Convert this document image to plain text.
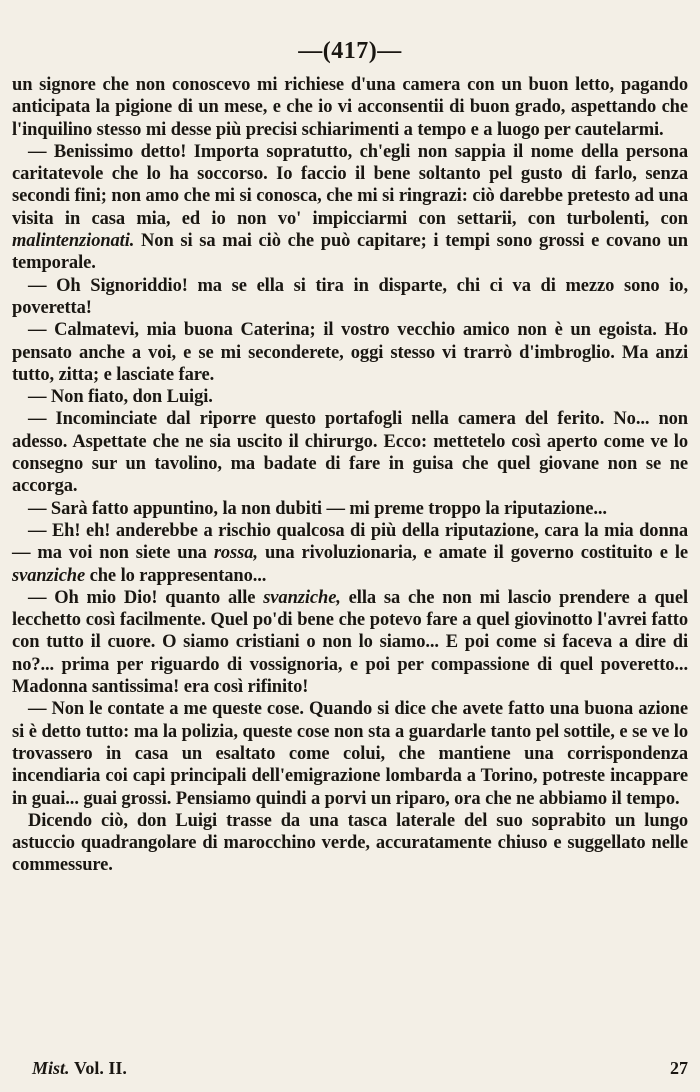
—(417)—

un signore che non conoscevo mi richiese d'una camera con un buon letto, pagando anticipata la pigione di un mese, e che io vi acconsentii di buon grado, aspettando che l'inquilino stesso mi desse più precisi schiarimenti a tempo e a luogo per cautelarmi.

— Benissimo detto! Importa sopratutto, ch'egli non sappia il nome della persona caritatevole che lo ha soccorso. Io faccio il bene soltanto pel gusto di farlo, senza secondi fini; non amo che mi si conosca, che mi si ringrazi: ciò darebbe pretesto ad una visita in casa mia, ed io non vo' impicciarmi con settarii, con turbolenti, con malintenzionati. Non si sa mai ciò che può capitare; i tempi sono grossi e covano un temporale.

— Oh Signoriddio! ma se ella si tira in disparte, chi ci va di mezzo sono io, poveretta!

— Calmatevi, mia buona Caterina; il vostro vecchio amico non è un egoista. Ho pensato anche a voi, e se mi seconderete, oggi stesso vi trarrò d'imbroglio. Ma anzi tutto, zitta; e lasciate fare.

— Non fiato, don Luigi.

— Incominciate dal riporre questo portafogli nella camera del ferito. No... non adesso. Aspettate che ne sia uscito il chirurgo. Ecco: mettetelo così aperto come ve lo consegno sur un tavolino, ma badate di fare in guisa che quel giovane non se ne accorga.

— Sarà fatto appuntino, la non dubiti — mi preme troppo la riputazione...

— Eh! eh! anderebbe a rischio qualcosa di più della riputazione, cara la mia donna — ma voi non siete una rossa, una rivoluzionaria, e amate il governo costituito e le svanziche che lo rappresentano...

— Oh mio Dio! quanto alle svanziche, ella sa che non mi lascio prendere a quel lecchetto così facilmente. Quel po'di bene che potevo fare a quel giovinotto l'avrei fatto con tutto il cuore. O siamo cristiani o non lo siamo... E poi come si faceva a dire di no?... prima per riguardo di vossignoria, e poi per compassione di quel poveretto... Madonna santissima! era così rifinito!

— Non le contate a me queste cose. Quando si dice che avete fatto una buona azione si è detto tutto: ma la polizia, queste cose non sta a guardarle tanto pel sottile, e se ve lo trovassero in casa un esaltato come colui, che mantiene una corrispondenza incendiaria coi capi principali dell'emigrazione lombarda a Torino, potreste incappare in guai... guai grossi. Pensiamo quindi a porvi un riparo, ora che ne abbiamo il tempo.

Dicendo ciò, don Luigi trasse da una tasca laterale del suo soprabito un lungo astuccio quadrangolare di marocchino verde, accuratamente chiuso e suggellato nelle commessure.

Mist. Vol. II.	27
